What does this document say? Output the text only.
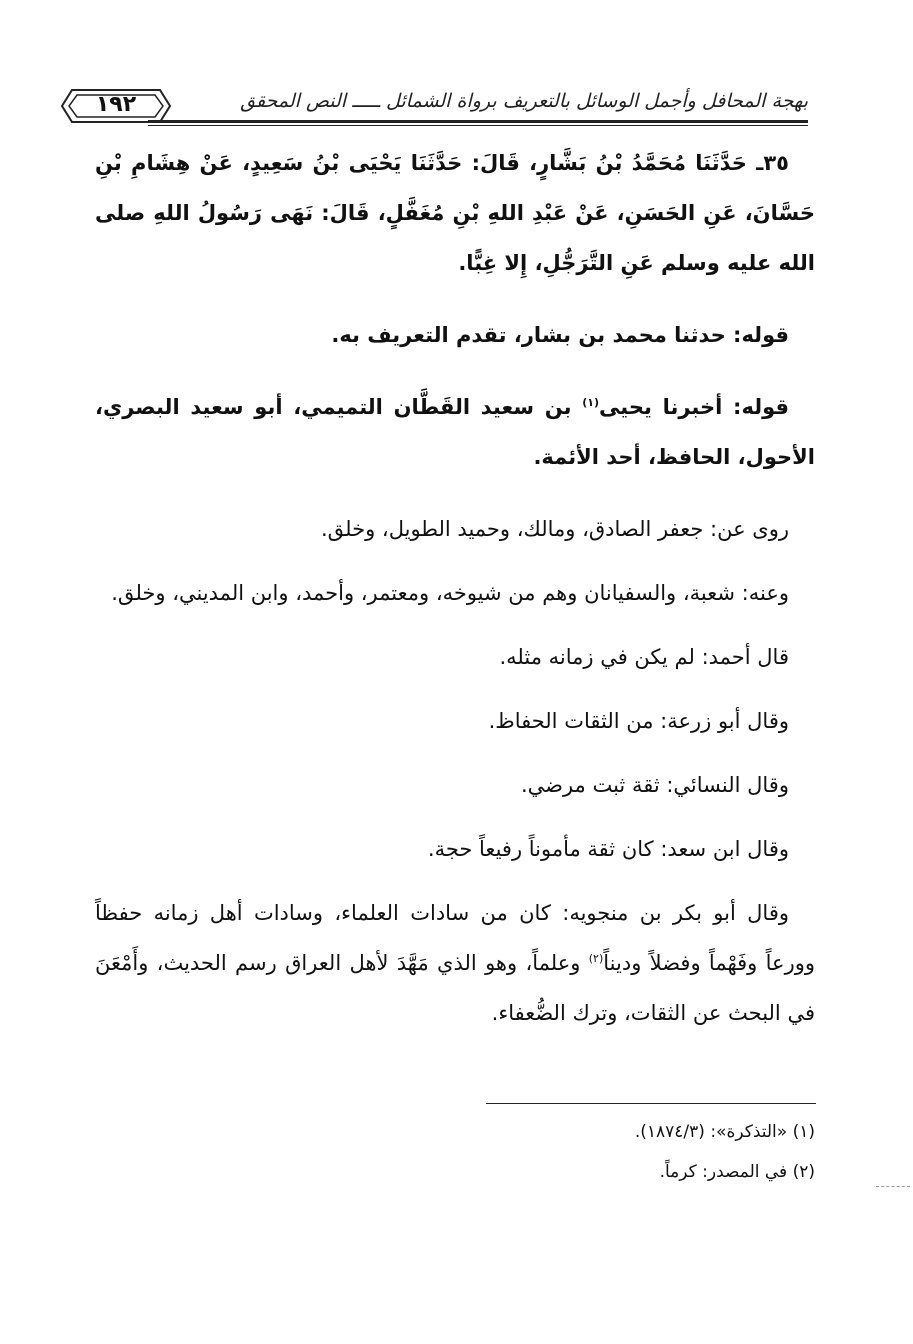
١٩٢	بهجة المحافل وأجمل الوسائل بالتعريف برواة الشمائل ـــــ النص المحقق

٣٥ـ حَدَّثَنَا مُحَمَّدُ بْنُ بَشَّارٍ، قَالَ: حَدَّثَنَا يَحْيَى بْنُ سَعِيدٍ، عَنْ هِشَامِ بْنِ حَسَّانَ، عَنِ الحَسَنِ، عَنْ عَبْدِ اللهِ بْنِ مُغَفَّلٍ، قَالَ: نَهَى رَسُولُ اللهِ صلى الله عليه وسلم عَنِ التَّرَجُّلِ، إِلا غِبًّا.

قوله: حدثنا محمد بن بشار، تقدم التعريف به.

قوله: أخبرنا يحيى$^{(١)}$ بن سعيد القَطَّان التميمي، أبو سعيد البصري، الأحول، الحافظ، أحد الأئمة.

روى عن: جعفر الصادق، ومالك، وحميد الطويل، وخلق.

وعنه: شعبة، والسفيانان وهم من شيوخه، ومعتمر، وأحمد، وابن المديني، وخلق.

قال أحمد: لم يكن في زمانه مثله.

وقال أبو زرعة: من الثقات الحفاظ.

وقال النسائي: ثقة ثبت مرضي.

وقال ابن سعد: كان ثقة مأموناً رفيعاً حجة.

وقال أبو بكر بن منجويه: كان من سادات العلماء، وسادات أهل زمانه حفظاً وورعاً وفَهْماً وفضلاً وديناً$^{(٢)}$ وعلماً، وهو الذي مَهَّدَ لأهل العراق رسم الحديث، وأَمْعَنَ في البحث عن الثقات، وترك الضُّعفاء.

(١) «التذكرة»: (١٨٧٤/٣).

(٢) في المصدر: كرماً.
